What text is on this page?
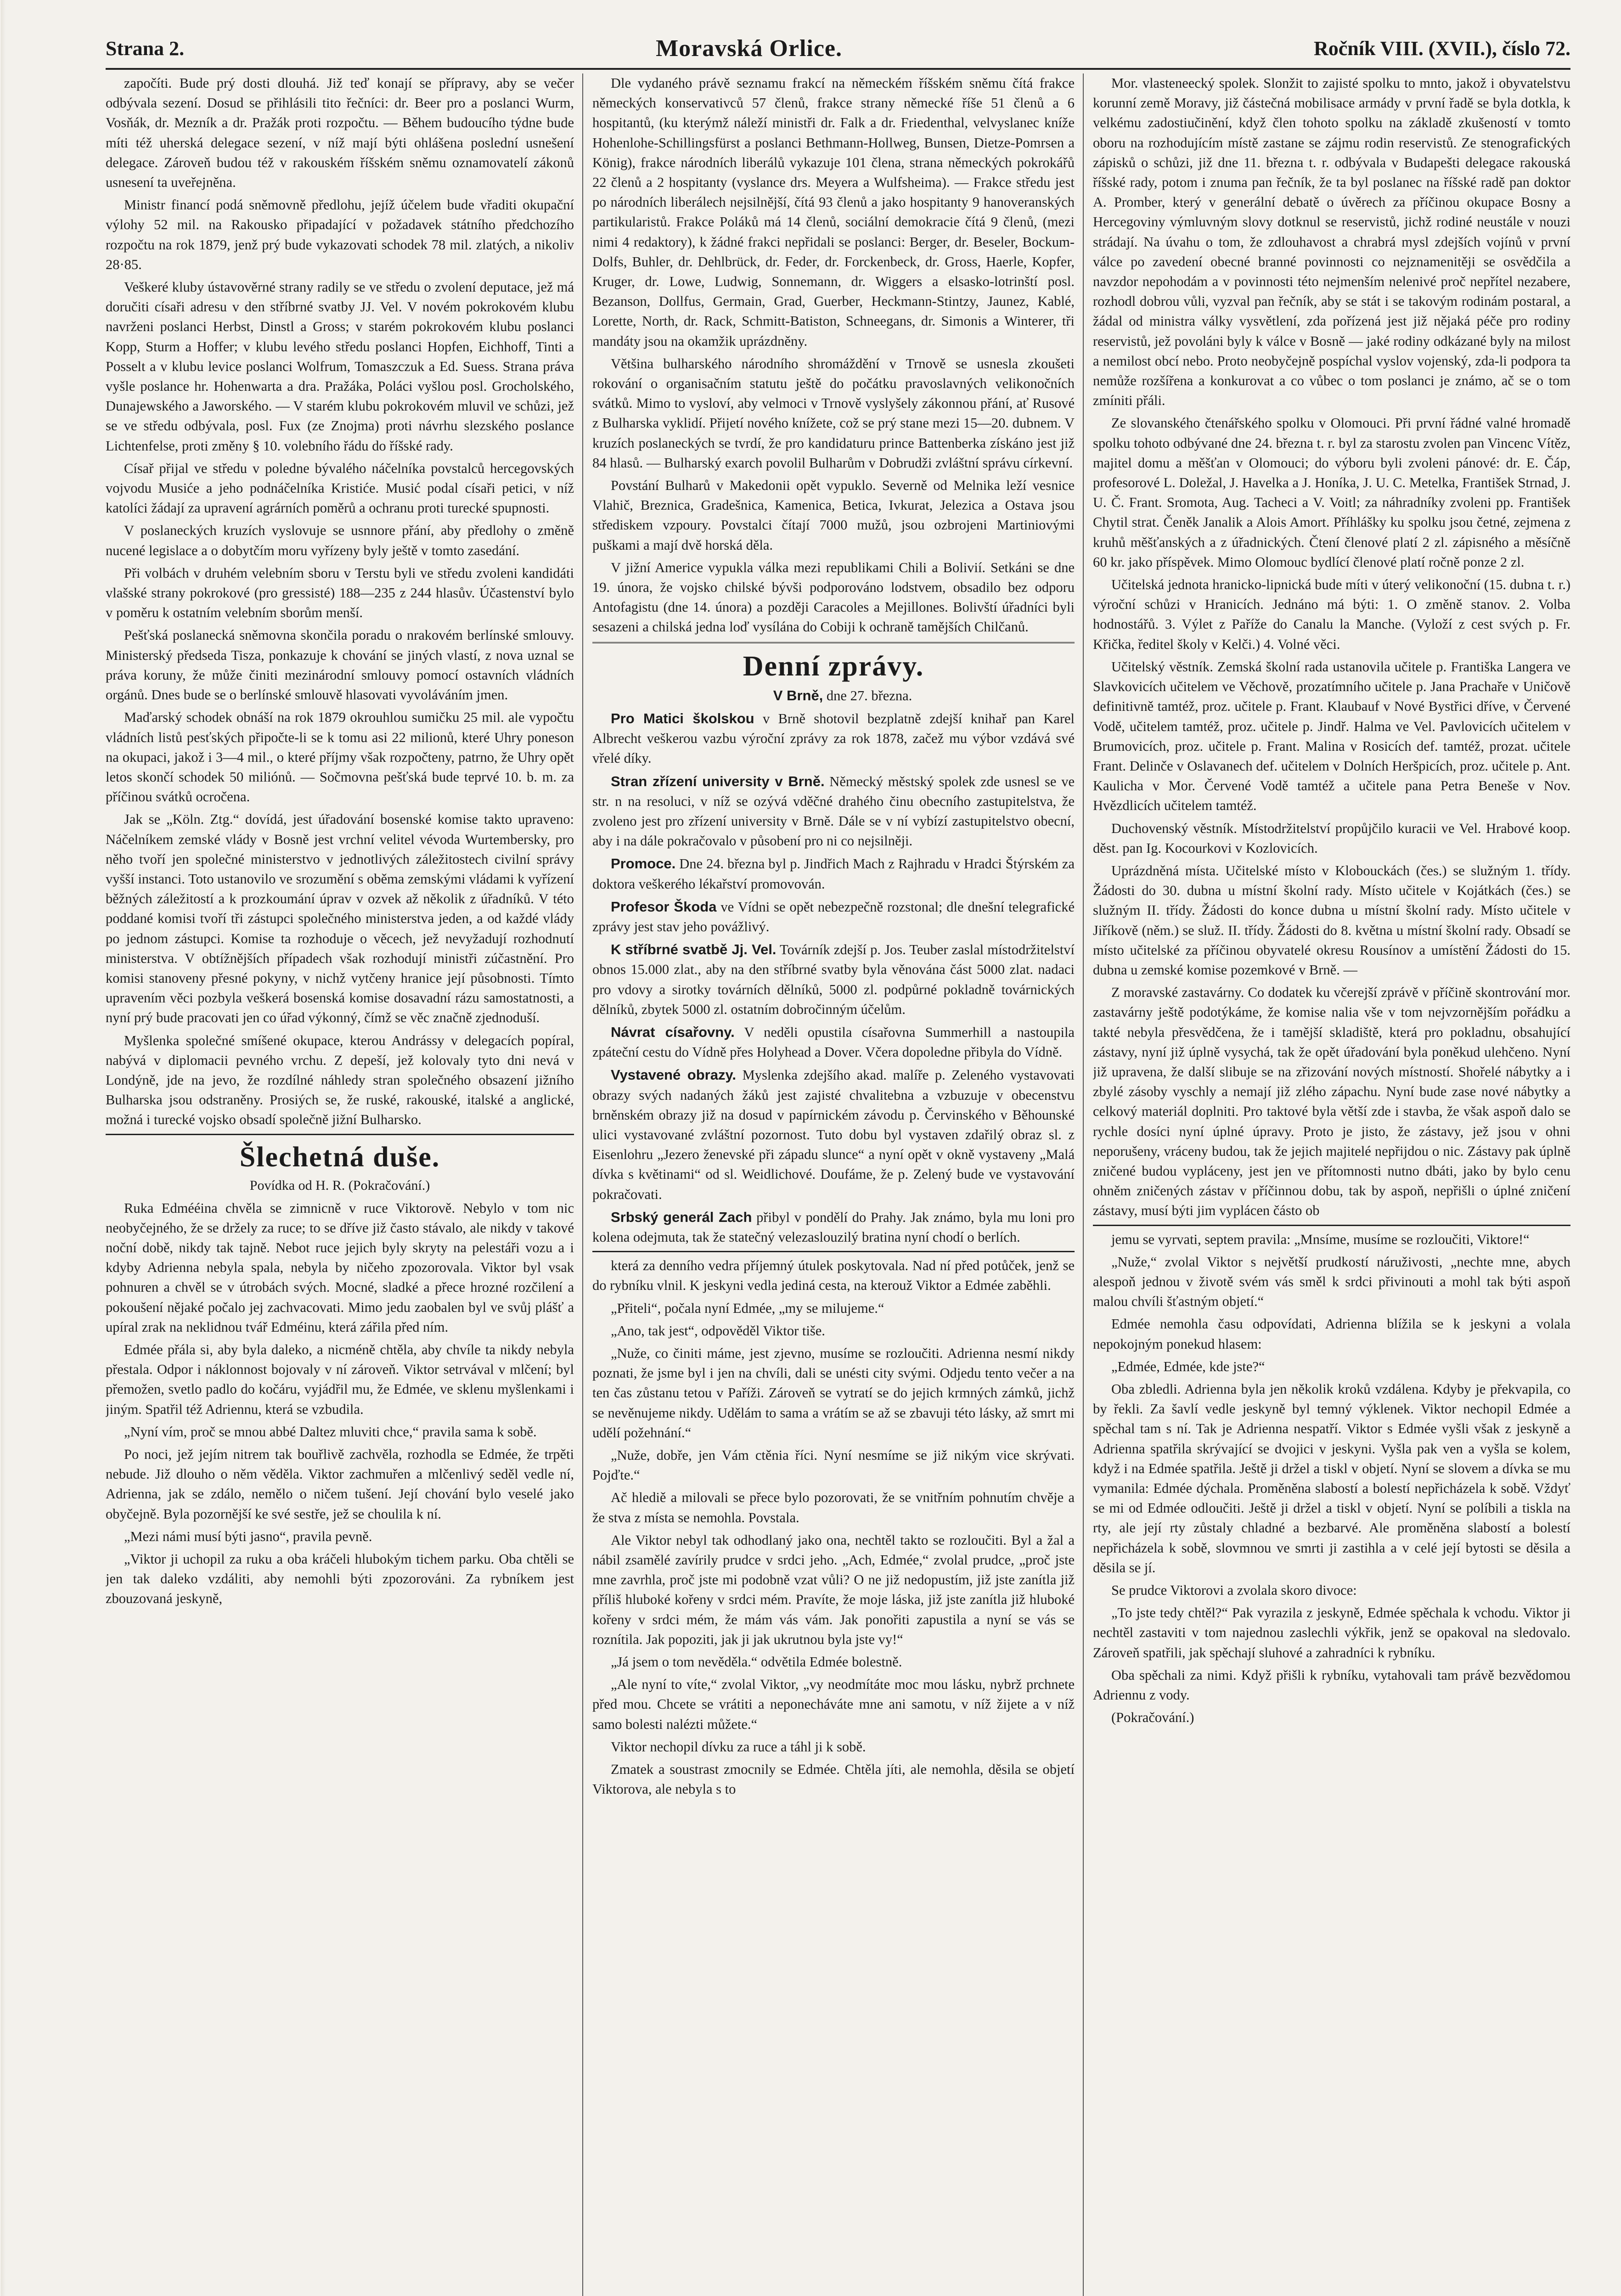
Strana 2.	Moravská Orlice.	Ročník VIII. (XVII.), číslo 72.

započíti. Bude prý dosti dlouhá. Již teď konají se přípravy, aby se večer odbývala sezení. Dosud se přihlásili tito řečníci: dr. Beer pro a poslanci Wurm, Vosňák, dr. Mezník a dr. Pražák proti rozpočtu. — Během budoucího týdne bude míti též uherská delegace sezení, v níž mají býti ohlášena poslední usnešení delegace. Zároveň budou též v rakouském říšském sněmu oznamovatelí zákonů usnesení ta uveřejněna.

Ministr financí podá sněmovně předlohu, jejíž účelem bude vřaditi okupační výlohy 52 mil. na Rakousko připadající v požadavek státního předchozího rozpočtu na rok 1879, jenž prý bude vykazovati schodek 78 mil. zlatých, a nikoliv 28·85.

Veškeré kluby ústavověrné strany radily se ve středu o zvolení deputace, jež má doručiti císaři adresu v den stříbrné svatby JJ. Vel. V novém pokrokovém klubu navrženi poslanci Herbst, Dinstl a Gross; v starém pokrokovém klubu poslanci Kopp, Sturm a Hoffer; v klubu levého středu poslanci Hopfen, Eichhoff, Tinti a Posselt a v klubu levice poslanci Wolfrum, Tomaszczuk a Ed. Suess. Strana práva vyšle poslance hr. Hohenwarta a dra. Pražáka, Poláci vyšlou posl. Grocholského, Dunajewského a Jaworského. — V starém klubu pokrokovém mluvil ve schůzi, jež se ve středu odbývala, posl. Fux (ze Znojma) proti návrhu slezského poslance Lichtenfelse, proti změny § 10. volebního řádu do říšské rady.

Císař přijal ve středu v poledne bývalého náčelníka povstalců hercegovských vojvodu Musiće a jeho podnáčelníka Kristiće. Musić podal císaři petici, v níž katolíci žádají za upravení agrárních poměrů a ochranu proti turecké spupnosti.

V poslaneckých kruzích vyslovuje se usnnore přání, aby předlohy o změně nucené legislace a o dobytčím moru vyřízeny byly ještě v tomto zasedání.

Při volbách v druhém velebním sboru v Terstu byli ve středu zvoleni kandidáti vlašské strany pokrokové (pro gressisté) 188—235 z 244 hlasův. Účastenství bylo v poměru k ostatním velebním sborům menší.

Pešťská poslanecká sněmovna skončila poradu o nrakovém berlínské smlouvy. Ministerský předseda Tisza, ponkazuje k chování se jiných vlastí, z nova uznal se práva koruny, že může činiti mezinárodní smlouvy pomocí ostavních vládních orgánů. Dnes bude se o berlínské smlouvě hlasovati vyvoláváním jmen.

Maďarský schodek obnáší na rok 1879 okrouhlou sumičku 25 mil. ale vypočtu vládních listů pesťských připočte-li se k tomu asi 22 milionů, které Uhry poneson na okupaci, jakož i 3—4 mil., o které příjmy však rozpočteny, patrno, že Uhry opět letos skončí schodek 50 miliónů. — Sočmovna pešťská bude teprvé 10. b. m. za příčinou svátků ocročena.

Jak se „Köln. Ztg.“ dovídá, jest úřadování bosenské komise takto upraveno: Náčelníkem zemské vlády v Bosně jest vrchní velitel vévoda Wurtembersky, pro něho tvoří jen společné ministerstvo v jednotlivých záležitostech civilní správy vyšší instanci. Toto ustanovilo ve srozumění s oběma zemskými vládami k vyřízení běžných záležitostí a k prozkoumání úprav v ozvek až několik z úřadníků. V této poddané komisi tvoří tři zástupci společného ministerstva jeden, a od každé vlády po jednom zástupci. Komise ta rozhoduje o věcech, jež nevyžadují rozhodnutí ministerstva. V obtížnějších případech však rozhodují ministři zúčastnění. Pro komisi stanoveny přesné pokyny, v nichž vytčeny hranice její působnosti. Tímto upravením věci pozbyla veškerá bosenská komise dosavadní rázu samostatnosti, a nyní prý bude pracovati jen co úřad výkonný, čímž se věc značně zjednoduší.

Myšlenka společné smíšené okupace, kterou Andrássy v delegacích popíral, nabývá v diplomacii pevného vrchu. Z depeší, jež kolovaly tyto dni nevá v Londýně, jde na jevo, že rozdílné náhledy stran společného obsazení jižního Bulharska jsou odstraněny. Prosiých se, že ruské, rakouské, italské a anglické, možná i turecké vojsko obsadí společně jižní Bulharsko.

Šlechetná duše.
Povídka od H. R. (Pokračování.)

Ruka Edmééina chvěla se zimnicně v ruce Viktorově. Nebylo v tom nic neobyčejného, že se držely za ruce; to se dříve již často stávalo, ale nikdy v takové noční době, nikdy tak tajně. Nebot ruce jejich byly skryty na pelestáři vozu a i kdyby Adrienna nebyla spala, nebyla by ničeho zpozorovala. Viktor byl vsak pohnuren a chvěl se v útrobách svých. Mocné, sladké a přece hrozné rozčilení a pokoušení nějaké počalo jej zachvacovati. Mimo jedu zaobalen byl ve svůj plášť a upíral zrak na neklidnou tvář Edméinu, která zářila před ním.

Edmée přála si, aby byla daleko, a nicméně chtěla, aby chvíle ta nikdy nebyla přestala. Odpor i náklonnost bojovaly v ní zároveň. Viktor setrvával v mlčení; byl přemožen, svetlo padlo do kočáru, vyjádřil mu, že Edmée, ve sklenu myšlenkami i jiným. Spatřil též Adriennu, která se vzbudila.

„Nyní vím, proč se mnou abbé Daltez mluviti chce,“ pravila sama k sobě.

Po noci, jež jejím nitrem tak bouřlivě zachvěla, rozhodla se Edmée, že trpěti nebude. Již dlouho o něm věděla. Viktor zachmuřen a mlčenlivý seděl vedle ní, Adrienna, jak se zdálo, nemělo o ničem tušení. Její chování bylo veselé jako obyčejně. Byla pozornější ke své sestře, jež se choulila k ní.

„Mezi námi musí býti jasno“, pravila pevně.

„Viktor ji uchopil za ruku a oba kráčeli hlubokým tichem parku. Oba chtěli se jen tak daleko vzdáliti, aby nemohli býti zpozorováni. Za rybníkem jest zbouzovaná jeskyně,

Dle vydaného právě seznamu frakcí na německém říšském sněmu čítá frakce německých konservativců 57 členů, frakce strany německé říše 51 členů a 6 hospitantů, (ku kterýmž náleží ministři dr. Falk a dr. Friedenthal, velvyslanec kníže Hohenlohe-Schillingsfürst a poslanci Bethmann-Hollweg, Bunsen, Dietze-Pomrsen a König), frakce národních liberálů vykazuje 101 člena, strana německých pokrokářů 22 členů a 2 hospitanty (vyslance drs. Meyera a Wulfsheima). — Frakce středu jest po národních liberálech nejsilnější, čítá 93 členů a jako hospitanty 9 hanoveranských partikularistů. Frakce Poláků má 14 členů, sociální demokracie čítá 9 členů, (mezi nimi 4 redaktory), k žádné frakci nepřidali se poslanci: Berger, dr. Beseler, Bockum-Dolfs, Buhler, dr. Dehlbrück, dr. Feder, dr. Forckenbeck, dr. Gross, Haerle, Kopfer, Kruger, dr. Lowe, Ludwig, Sonnemann, dr. Wiggers a elsasko-lotrinští posl. Bezanson, Dollfus, Germain, Grad, Guerber, Heckmann-Stintzy, Jaunez, Kablé, Lorette, North, dr. Rack, Schmitt-Batiston, Schneegans, dr. Simonis a Winterer, tři mandáty jsou na okamžik uprázdněny.

Většina bulharského národního shromáždění v Trnově se usnesla zkoušeti rokování o organisačním statutu ještě do počátku pravoslavných velikonočních svátků. Mimo to vysloví, aby velmoci v Trnově vyslyšely zákonnou přání, ať Rusové z Bulharska vyklidí. Přijetí nového knížete, což se prý stane mezi 15—20. dubnem. V kruzích poslaneckých se tvrdí, že pro kandidaturu prince Battenberka získáno jest již 84 hlasů. — Bulharský exarch povolil Bulharům v Dobrudži zvláštní správu církevní.

Povstání Bulharů v Makedonii opět vypuklo. Severně od Melnika leží vesnice Vlahič, Breznica, Gradešnica, Kamenica, Betica, Ivkurat, Jelezica a Ostava jsou střediskem vzpoury. Povstalci čítají 7000 mužů, jsou ozbrojeni Martiniovými puškami a mají dvě horská děla.

V jižní Americe vypukla válka mezi republikami Chili a Bolivií. Setkáni se dne 19. února, že vojsko chilské bývši podporováno lodstvem, obsadilo bez odporu Antofagistu (dne 14. února) a později Caracoles a Mejillones. Bolivští úřadníci byli sesazeni a chilská jedna loď vysílána do Cobiji k ochraně tamějších Chilčanů.

Denní zprávy.

V Brně, dne 27. března.

Pro Matici školskou v Brně shotovil bezplatně zdejší knihař pan Karel Albrecht veškerou vazbu výroční zprávy za rok 1878, začež mu výbor vzdává své vřelé díky.

Stran zřízení university v Brně. Německý městský spolek zde usnesl se ve str. n na resoluci, v níž se ozývá vděčné drahého činu obecního zastupitelstva, že zvoleno jest pro zřízení university v Brně. Dále se v ní vybízí zastupitelstvo obecní, aby i na dále pokračovalo v působení pro ni co nejsilněji.

Promoce. Dne 24. března byl p. Jindřich Mach z Rajhradu v Hradci Štýrském za doktora veškerého lékařství promovován.

Profesor Škoda ve Vídni se opět nebezpečně rozstonal; dle dnešní telegrafické zprávy jest stav jeho povážlivý.

K stříbrné svatbě Jj. Vel. Továrník zdejší p. Jos. Teuber zaslal místodržitelství obnos 15.000 zlat., aby na den stříbrné svatby byla věnována část 5000 zlat. nadaci pro vdovy a sirotky továrních dělníků, 5000 zl. podpůrné pokladně továrnických dělníků, zbytek 5000 zl. ostatním dobročinným účelům.

Návrat císařovny. V neděli opustila císařovna Summerhill a nastoupila zpáteční cestu do Vídně přes Holyhead a Dover. Včera dopoledne přibyla do Vídně.

Vystavené obrazy. Myslenka zdejšího akad. malíře p. Zeleného vystavovati obrazy svých nadaných žáků jest zajisté chvalitebna a vzbuzuje v obecenstvu brněnském obrazy již na dosud v papírnickém závodu p. Červinského v Běhounské ulici vystavované zvláštní pozornost. Tuto dobu byl vystaven zdařilý obraz sl. z Eisenlohru „Jezero ženevské při západu slunce“ a nyní opět v okně vystaveny „Malá dívka s květinami“ od sl. Weidlichové. Doufáme, že p. Zelený bude ve vystavování pokračovati.

Srbský generál Zach přibyl v pondělí do Prahy. Jak známo, byla mu loni pro kolena odejmuta, tak že statečný velezaslouzilý bratina nyní chodí o berlích.

která za denního vedra příjemný útulek poskytovala. Nad ní před potůček, jenž se do rybníku vlnil. K jeskyni vedla jediná cesta, na kterouž Viktor a Edmée zaběhli.

„Přiteli“, počala nyní Edmée, „my se milujeme.“

„Ano, tak jest“, odpověděl Viktor tiše.

„Nuže, co činiti máme, jest zjevno, musíme se rozloučiti. Adrienna nesmí nikdy poznati, že jsme byl i jen na chvíli, dali se unésti city svými. Odjedu tento večer a na ten čas zůstanu tetou v Paříži. Zároveň se vytratí se do jejich krmných zámků, jichž se nevěnujeme nikdy. Udělám to sama a vrátím se až se zbavuji této lásky, až smrt mi udělí požehnání.“

„Nuže, dobře, jen Vám ctěnia říci. Nyní nesmíme se již nikým vice skrývati. Pojďte.“

Ač hlediě a milovali se přece bylo pozorovati, že se vnitřním pohnutím chvěje a že stva z místa se nemohla. Povstala.

Ale Viktor nebyl tak odhodlaný jako ona, nechtěl takto se rozloučiti. Byl a žal a nábil zsamělé zavírily prudce v srdci jeho. „Ach, Edmée,“ zvolal prudce, „proč jste mne zavrhla, proč jste mi podobně vzat vůli? O ne již nedopustím, již jste zanítla již příliš hluboké kořeny v srdci mém. Pravíte, že moje láska, již jste zanítla již hluboké kořeny v srdci mém, že mám vás vám. Jak ponořiti zapustila a nyní se vás se roznítila. Jak popoziti, jak ji jak ukrutnou byla jste vy!“

„Já jsem o tom nevěděla.“ odvětila Edmée bolestně.

„Ale nyní to víte,“ zvolal Viktor, „vy neodmítáte moc mou lásku, nybrž prchnete před mou. Chcete se vrátiti a neponecháváte mne ani samotu, v níž žijete a v níž samo bolesti nalézti můžete.“

Viktor nechopil dívku za ruce a táhl ji k sobě.

Zmatek a soustrast zmocnily se Edmée. Chtěla jíti, ale nemohla, děsila se objetí Viktorova, ale nebyla s to

Mor. vlasteneecký spolek. Slonžit to zajisté spolku to mnto, jakož i obyvatelstvu korunní země Moravy, již částečná mobilisace armády v první řadě se byla dotkla, k velkému zadostiučinění, když člen tohoto spolku na základě zkušeností v tomto oboru na rozhodujícím místě zastane se zájmu rodin reservistů. Ze stenografických zápisků o schůzi, již dne 11. března t. r. odbývala v Budapešti delegace rakouská říšské rady, potom i znuma pan řečník, že ta byl poslanec na říšské radě pan doktor A. Promber, který v generální debatě o úvěrech za příčinou okupace Bosny a Hercegoviny výmluvným slovy dotknul se reservistů, jichž rodiné neustále v nouzi strádají. Na úvahu o tom, že zdlouhavost a chrabrá mysl zdejších vojínů v první válce po zavedení obecné branné povinnosti co nejznamenitěji se osvědčila a navzdor nepohodám a v povinnosti této nejmenším nelenivé proč nepřítel nezabere, rozhodl dobrou vůli, vyzval pan řečník, aby se stát i se takovým rodinám postaral, a žádal od ministra války vysvětlení, zda pořízená jest již nějaká péče pro rodiny reservistů, jež povoláni byly k válce v Bosně — jaké rodiny odkázané byly na milost a nemilost obcí nebo. Proto neobyčejně pospíchal vyslov vojenský, zda-li podpora ta nemůže rozšířena a konkurovat a co vůbec o tom poslanci je známo, ač se o tom zmíniti přáli.

Ze slovanského čtenářského spolku v Olomouci. Při první řádné valné hromadě spolku tohoto odbývané dne 24. března t. r. byl za starostu zvolen pan Vincenc Vítěz, majitel domu a měšťan v Olomouci; do výboru byli zvoleni pánové: dr. E. Čáp, profesorové L. Doležal, J. Havelka a J. Honíka, J. U. C. Metelka, František Strnad, J. U. Č. Frant. Sromota, Aug. Tacheci a V. Voitl; za náhradníky zvoleni pp. František Chytil strat. Čeněk Janalik a Alois Amort. Příhlášky ku spolku jsou četné, zejmena z kruhů měšťanských a z úřadnických. Čtení členové platí 2 zl. zápisného a měsíčně 60 kr. jako příspěvek. Mimo Olomouc bydlící členové platí ročně ponze 2 zl.

Učitelská jednota hranicko-lipnická bude míti v úterý velikonoční (15. dubna t. r.) výroční schůzi v Hranicích. Jednáno má býti: 1. O změně stanov. 2. Volba hodnostářů. 3. Výlet z Paříže do Canalu la Manche. (Vyloží z cest svých p. Fr. Křička, ředitel školy v Kelči.) 4. Volné věci.

Učitelský věstník. Zemská školní rada ustanovila učitele p. Františka Langera ve Slavkovicích učitelem ve Věchově, prozatímního učitele p. Jana Prachaře v Uničově definitivně tamtéž, proz. učitele p. Frant. Klaubauf v Nové Bystřici dříve, v Červené Vodě, učitelem tamtéž, proz. učitele p. Jindř. Halma ve Vel. Pavlovicích učitelem v Brumovicích, proz. učitele p. Frant. Malina v Rosicích def. tamtéž, prozat. učitele Frant. Delinče v Oslavanech def. učitelem v Dolních Heršpicích, proz. učitele p. Ant. Kaulicha v Mor. Červené Vodě tamtéž a učitele pana Petra Beneše v Nov. Hvězdlicích učitelem tamtéž.

Duchovenský věstník. Místodržitelství propůjčilo kuracii ve Vel. Hrabové koop. děst. pan Ig. Kocourkovi v Kozlovicích.

Uprázdněná místa. Učitelské místo v Klobouckách (čes.) se služným 1. třídy. Žádosti do 30. dubna u místní školní rady. Místo učitele v Kojátkách (čes.) se služným II. třídy. Žádosti do konce dubna u místní školní rady. Místo učitele v Jiříkově (něm.) se služ. II. třídy. Žádosti do 8. května u místní školní rady. Obsadí se místo učitelské za příčinou obyvatelé okresu Rousínov a umístění Žádosti do 15. dubna u zemské komise pozemkové v Brně. —

Z moravské zastavárny. Co dodatek ku včerejší zprávě v příčině skontrování mor. zastavárny ještě podotýkáme, že komise nalia vše v tom nejvzornějším pořádku a takté nebyla přesvědčena, že i tamější skladiště, která pro pokladnu, obsahující zástavy, nyní již úplně vysychá, tak že opět úřadování byla poněkud ulehčeno. Nyní již upravena, že další slibuje se na zřizování nových místností. Shořelé nábytky a i zbylé zásoby vyschly a nemají již zlého zápachu. Nyní bude zase nové nábytky a celkový materiál doplniti. Pro taktové byla větší zde i stavba, že však aspoň dalo se rychle dosíci nyní úplné úpravy. Proto je jisto, že zástavy, jež jsou v ohni neporušeny, vráceny budou, tak že jejich majitelé nepřijdou o nic. Zástavy pak úplně zničené budou vypláceny, jest jen ve přítomnosti nutno dbáti, jako by bylo cenu ohněm zničených zástav v příčinnou dobu, tak by aspoň, nepřišli o úplné zničení zástavy, musí býti jim vyplácen částo ob

jemu se vyrvati, septem pravila: „Mnsíme, musíme se rozloučiti, Viktore!“

„Nuže,“ zvolal Viktor s největší prudkostí náruživosti, „nechte mne, abych alespoň jednou v životě svém vás směl k srdci přivinouti a mohl tak býti aspoň malou chvíli šťastným objetí.“

Edmée nemohla času odpovídati, Adrienna blížila se k jeskyni a volala nepokojným ponekud hlasem:

„Edmée, Edmée, kde jste?“

Oba zbledli. Adrienna byla jen několik kroků vzdálena. Kdyby je překvapila, co by řekli. Za šavlí vedle jeskyně byl temný výklenek. Viktor nechopil Edmée a spěchal tam s ní. Tak je Adrienna nespatří. Viktor s Edmée vyšli však z jeskyně a Adrienna spatřila skrývající se dvojici v jeskyni. Vyšla pak ven a vyšla se kolem, když i na Edmée spatřila. Ještě ji držel a tiskl v objetí. Nyní se slovem a dívka se mu vymanila: Edmée dýchala. Proměněna slabostí a bolestí nepřicházela k sobě. Vždyť se mi od Edmée odloučiti. Ještě ji držel a tiskl v objetí. Nyní se políbili a tiskla na rty, ale její rty zůstaly chladné a bezbarvé. Ale proměněna slabostí a bolestí nepřicházela k sobě, slovmnou ve smrti ji zastihla a v celé její bytosti se děsila a děsila se jí.

Se prudce Viktorovi a zvolala skoro divoce:

„To jste tedy chtěl?“ Pak vyrazila z jeskyně, Edmée spěchala k vchodu. Viktor ji nechtěl zastaviti v tom najednou zaslechli výkřik, jenž se opakoval na sledovalo. Zároveň spatřili, jak spěchají sluhové a zahradníci k rybníku.

Oba spěchali za nimi. Když přišli k rybníku, vytahovali tam právě bezvědomou Adriennu z vody.

(Pokračování.)
